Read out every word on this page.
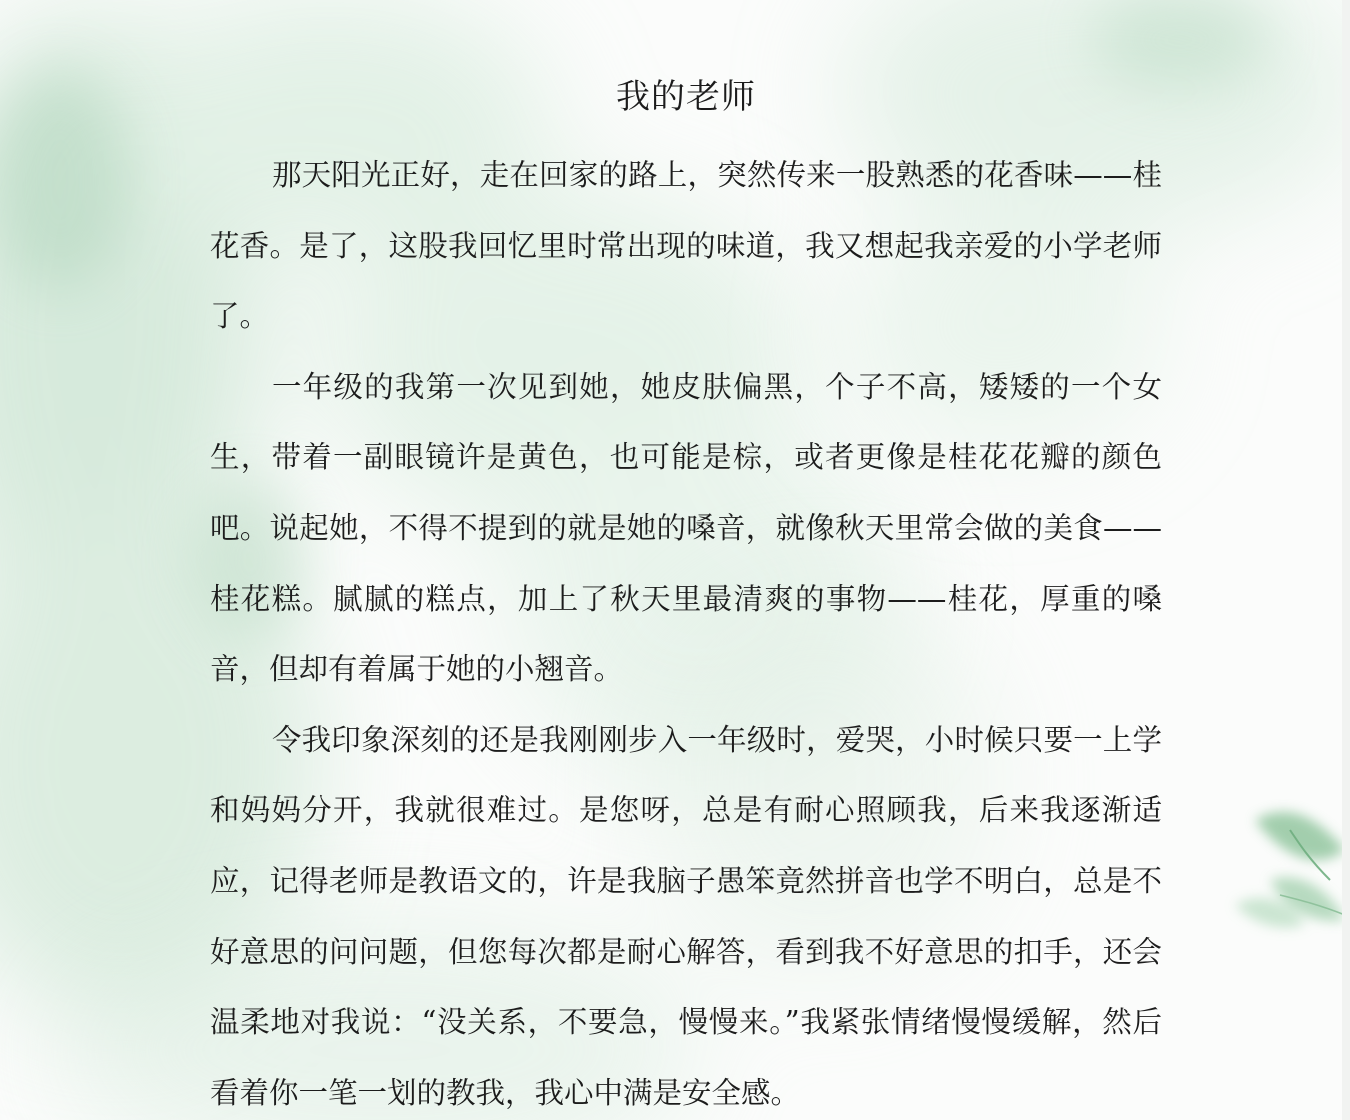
我的老师

那天阳光正好，走在回家的路上，突然传来一股熟悉的花香味——桂花香。是了，这股我回忆里时常出现的味道，我又想起我亲爱的小学老师了。

一年级的我第一次见到她，她皮肤偏黑，个子不高，矮矮的一个女生，带着一副眼镜许是黄色，也可能是棕，或者更像是桂花花瓣的颜色吧。说起她，不得不提到的就是她的嗓音，就像秋天里常会做的美食——桂花糕。腻腻的糕点，加上了秋天里最清爽的事物——桂花，厚重的嗓音，但却有着属于她的小翘音。

令我印象深刻的还是我刚刚步入一年级时，爱哭，小时候只要一上学和妈妈分开，我就很难过。是您呀，总是有耐心照顾我，后来我逐渐适应，记得老师是教语文的，许是我脑子愚笨竟然拼音也学不明白，总是不好意思的问问题，但您每次都是耐心解答，看到我不好意思的扣手，还会温柔地对我说：“没关系，不要急，慢慢来。”我紧张情绪慢慢缓解，然后看着你一笔一划的教我，我心中满是安全感。
